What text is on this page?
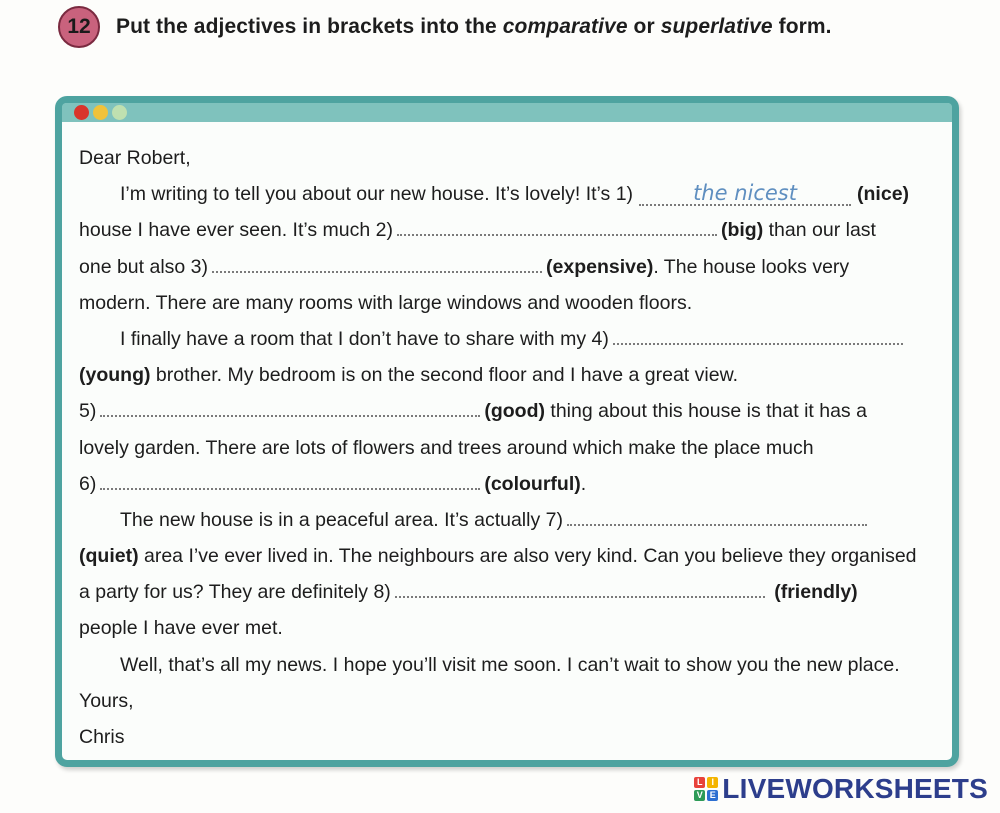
12	Put the adjectives in brackets into the comparative or superlative form.
Dear Robert,
I’m writing to tell you about our new house. It’s lovely! It’s 1)	the nicest	(nice)
house I have ever seen. It’s much 2)	(big) than our last
one but also 3)	(expensive). The house looks very
modern. There are many rooms with large windows and wooden floors.
I finally have a room that I don’t have to share with my 4)
(young) brother. My bedroom is on the second floor and I have a great view.
5)	(good) thing about this house is that it has a
lovely garden. There are lots of flowers and trees around which make the place much
6)	(colourful).
The new house is in a peaceful area. It’s actually 7)
(quiet) area I’ve ever lived in. The neighbours are also very kind. Can you believe they organised
a party for us? They are definitely 8)	(friendly)
people I have ever met.
Well, that’s all my news. I hope you’ll visit me soon. I can’t wait to show you the new place.
Yours,
Chris
L I
V E LIVEWORKSHEETS
